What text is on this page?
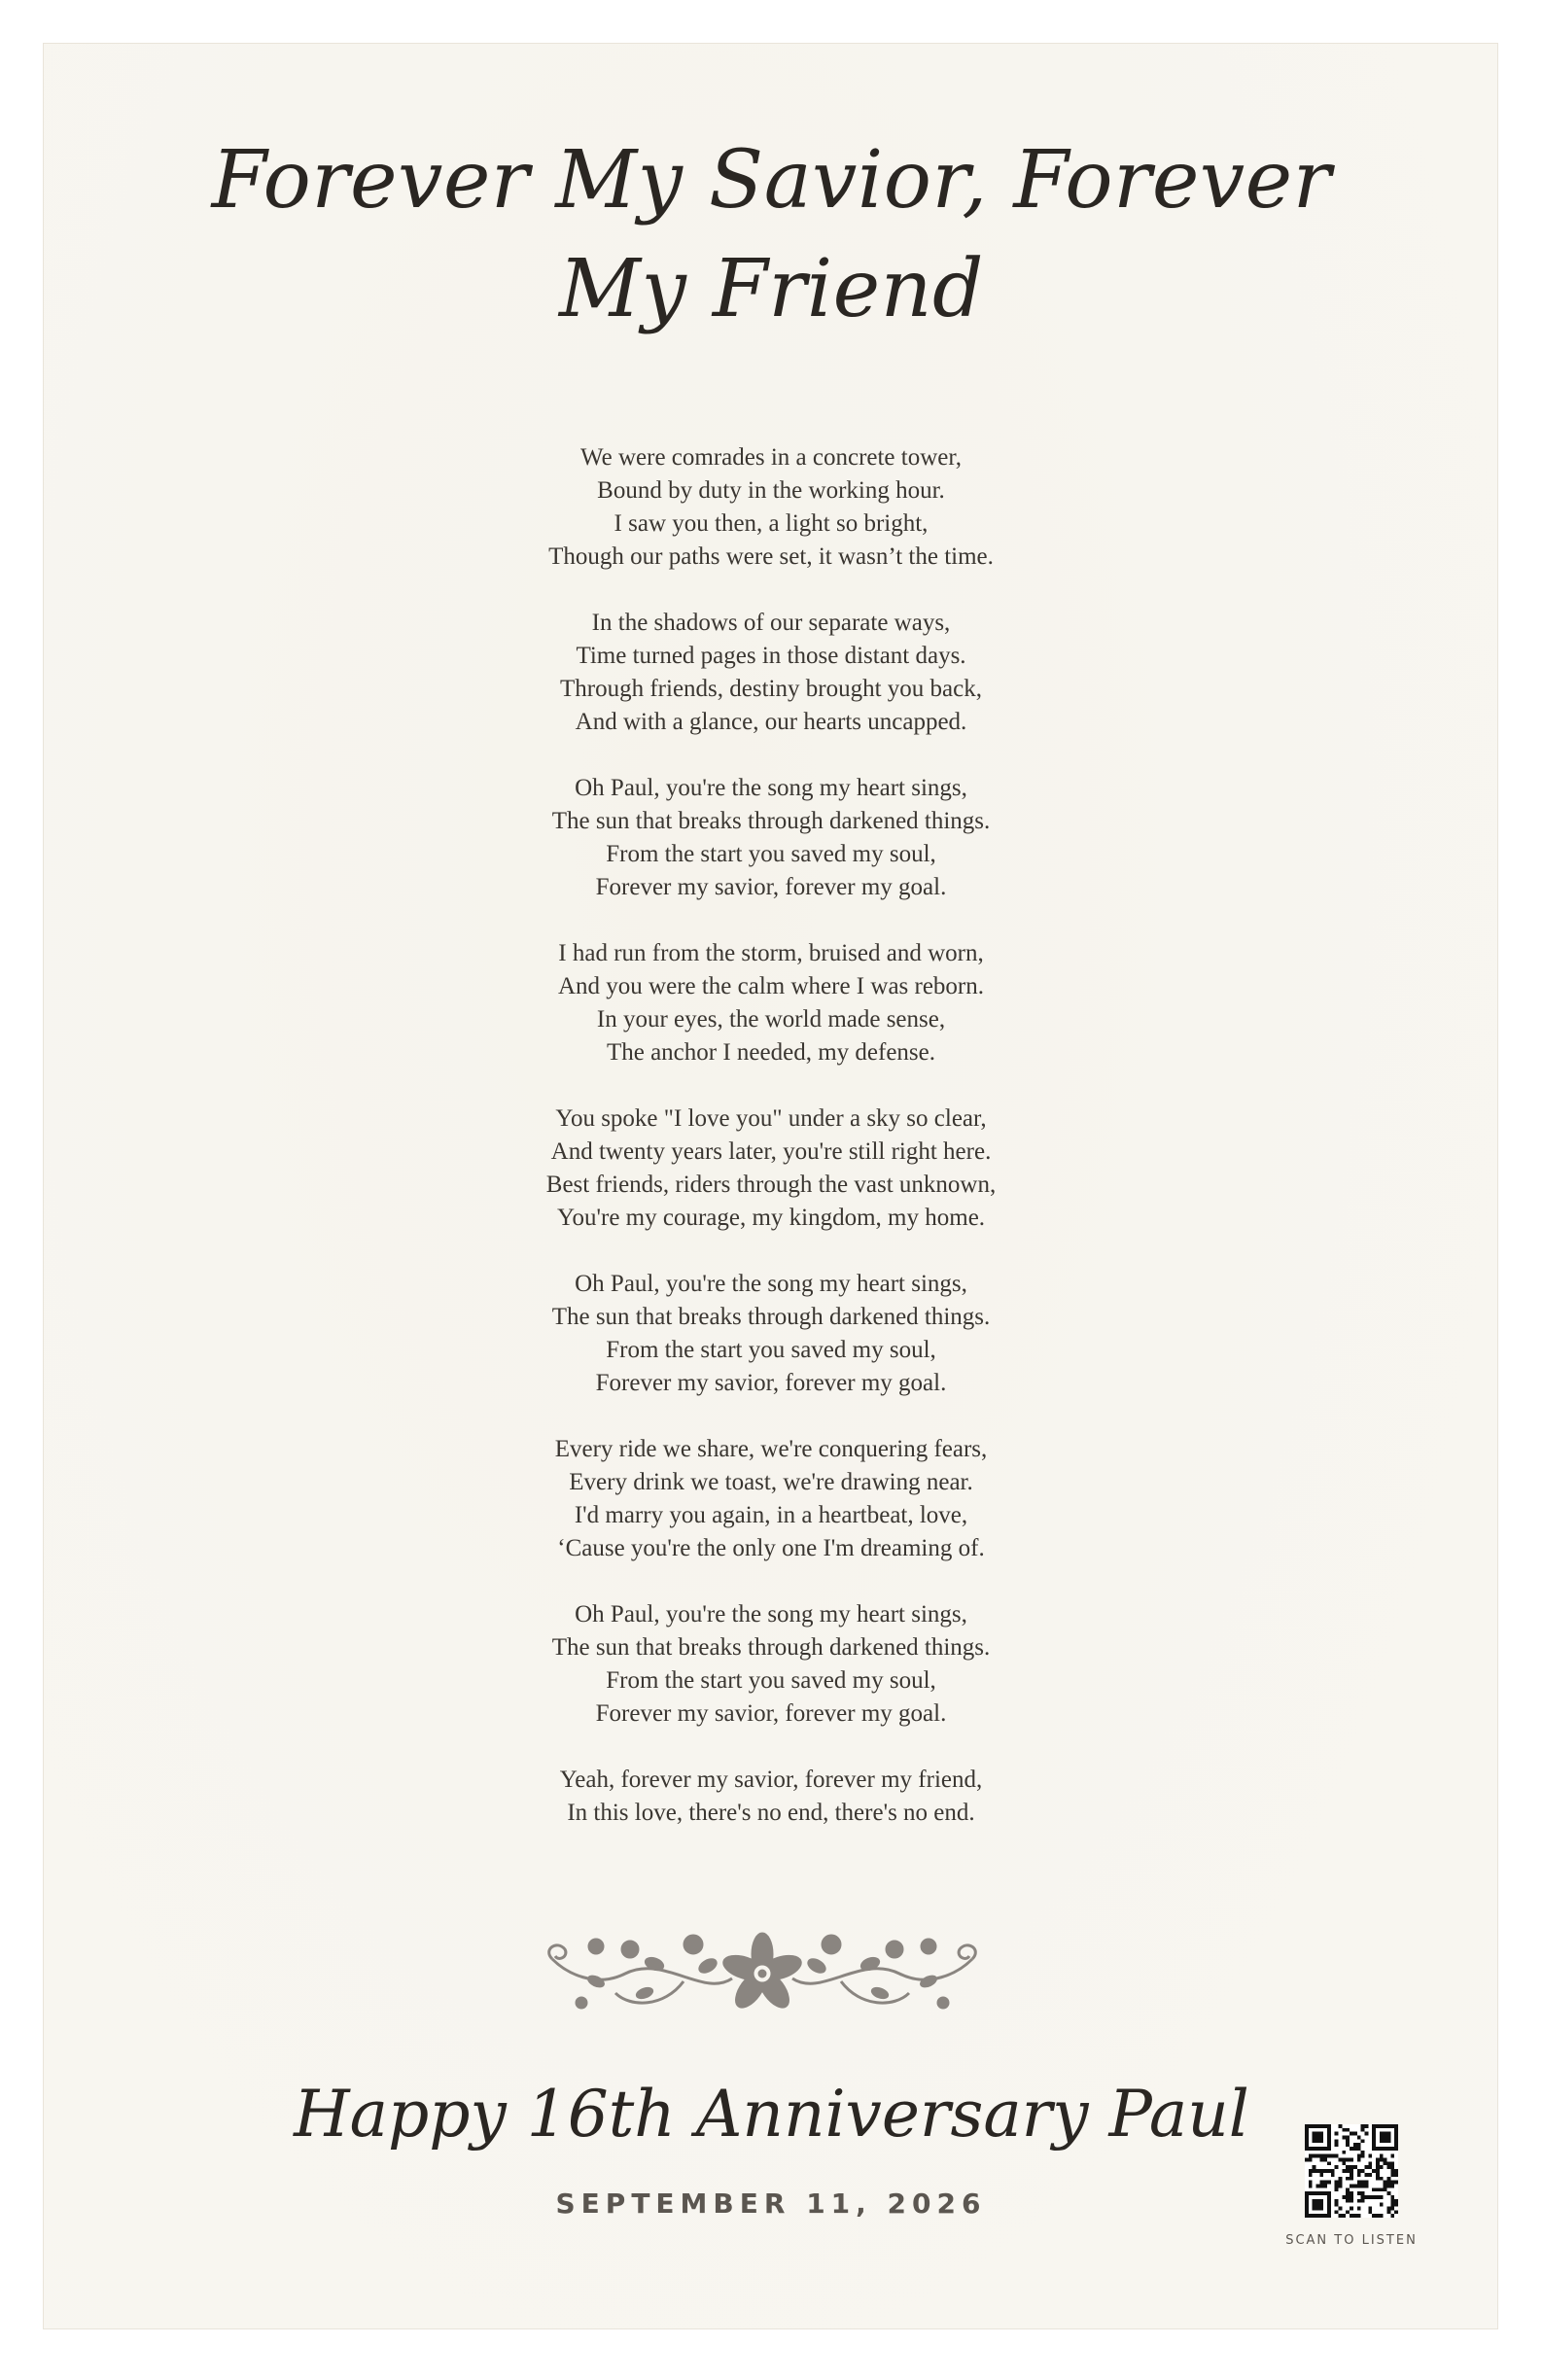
Forever My Savior, Forever My Friend
We were comrades in a concrete tower,
Bound by duty in the working hour.
I saw you then, a light so bright,
Though our paths were set, it wasn’t the time.
In the shadows of our separate ways,
Time turned pages in those distant days.
Through friends, destiny brought you back,
And with a glance, our hearts uncapped.
Oh Paul, you're the song my heart sings,
The sun that breaks through darkened things.
From the start you saved my soul,
Forever my savior, forever my goal.
I had run from the storm, bruised and worn,
And you were the calm where I was reborn.
In your eyes, the world made sense,
The anchor I needed, my defense.
You spoke "I love you" under a sky so clear,
And twenty years later, you're still right here.
Best friends, riders through the vast unknown,
You're my courage, my kingdom, my home.
Oh Paul, you're the song my heart sings,
The sun that breaks through darkened things.
From the start you saved my soul,
Forever my savior, forever my goal.
Every ride we share, we're conquering fears,
Every drink we toast, we're drawing near.
I'd marry you again, in a heartbeat, love,
‘Cause you're the only one I'm dreaming of.
Oh Paul, you're the song my heart sings,
The sun that breaks through darkened things.
From the start you saved my soul,
Forever my savior, forever my goal.
Yeah, forever my savior, forever my friend,
In this love, there's no end, there's no end.
Happy 16th Anniversary Paul
SEPTEMBER 11, 2026
SCAN TO LISTEN
